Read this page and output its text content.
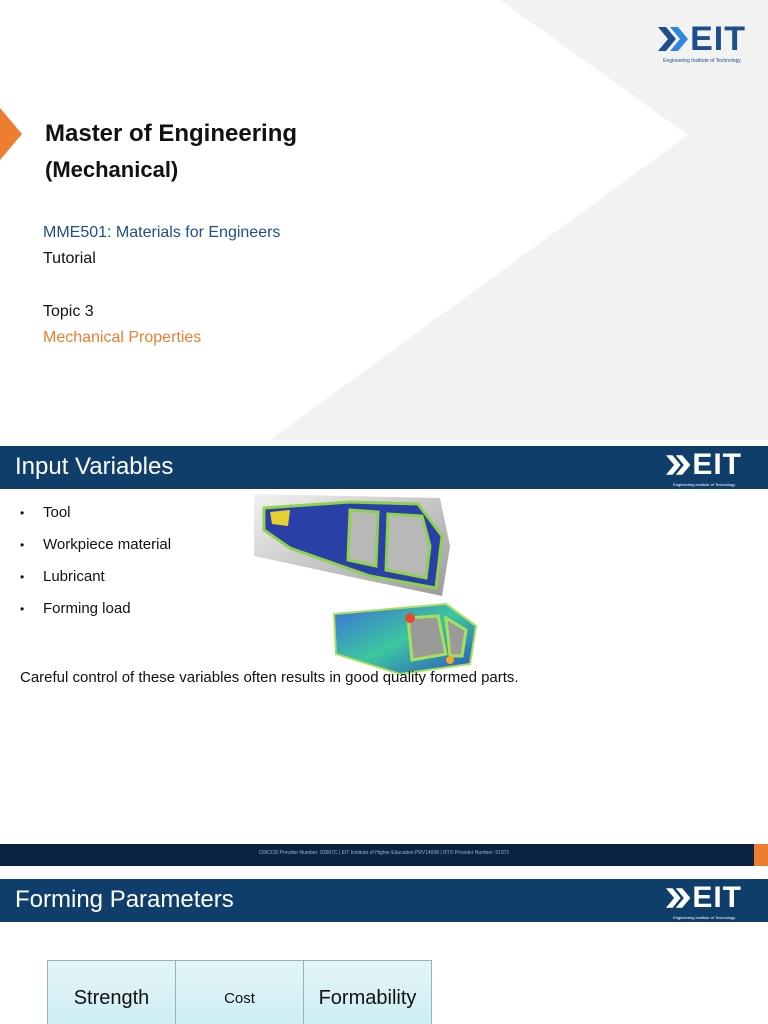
EIT
Engineering Institute of Technology
Master of Engineering
(Mechanical)
MME501: Materials for Engineers
Tutorial
Topic 3
Mechanical Properties
Input Variables	EIT
Engineering Institute of Technology
•	Tool
•	Workpiece material
•	Lubricant
•	Forming load
Careful control of these variables often results in good quality formed parts.
CRICOS Provider Number: 03567C | EIT Institute of Higher Education PRV14008 | RTO Provider Number: 51971
Forming Parameters	EIT
Engineering Institute of Technology
Strength	Cost	Formability
